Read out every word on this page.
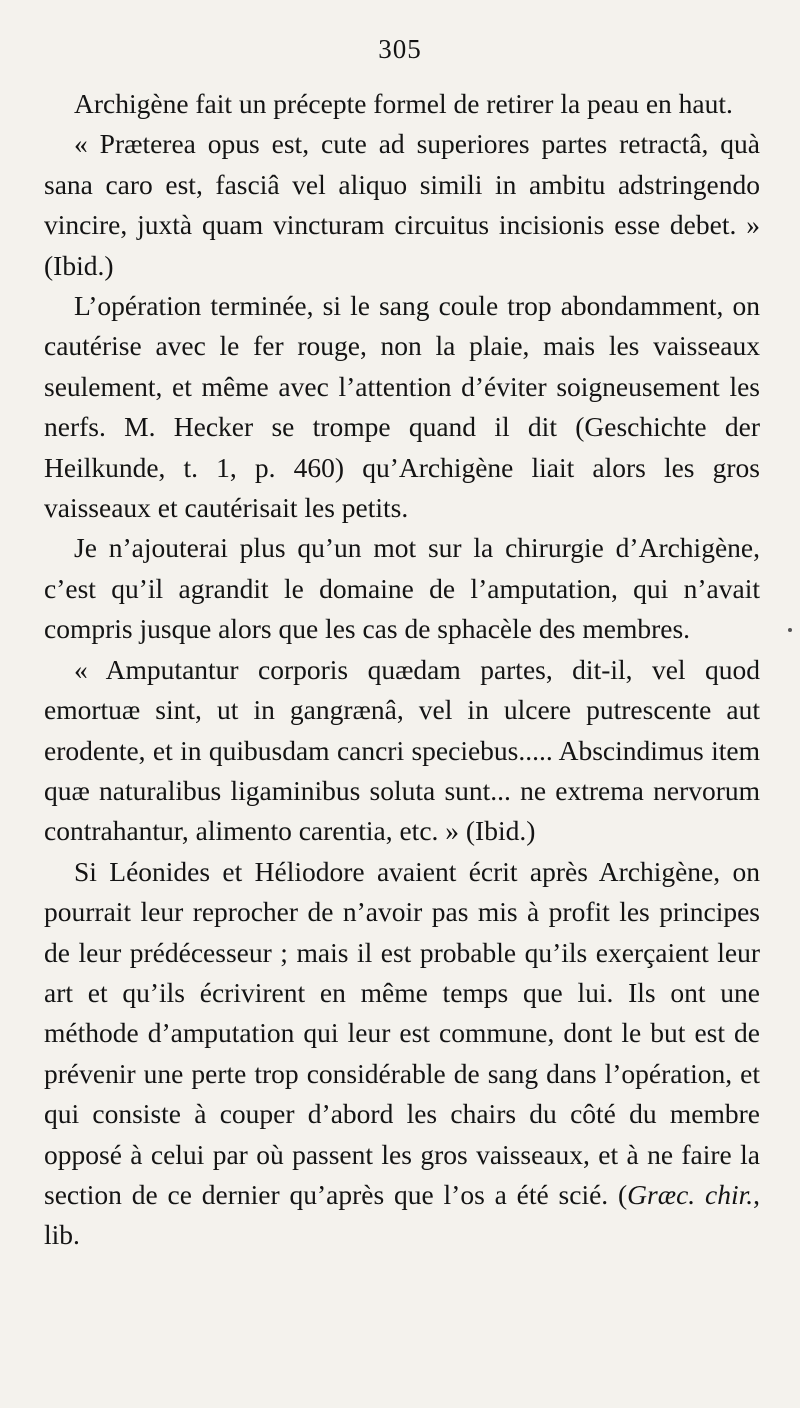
305

Archigène fait un précepte formel de retirer la peau en haut.

« Præterea opus est, cute ad superiores partes retractâ, quà sana caro est, fasciâ vel aliquo simili in ambitu adstringendo vincire, juxtà quam vincturam circuitus incisionis esse debet. » (Ibid.)

L’opération terminée, si le sang coule trop abondamment, on cautérise avec le fer rouge, non la plaie, mais les vaisseaux seulement, et même avec l’attention d’éviter soigneusement les nerfs. M. Hecker se trompe quand il dit (Geschichte der Heilkunde, t. 1, p. 460) qu’Archigène liait alors les gros vaisseaux et cautérisait les petits.

Je n’ajouterai plus qu’un mot sur la chirurgie d’Archigène, c’est qu’il agrandit le domaine de l’amputation, qui n’avait compris jusque alors que les cas de sphacèle des membres.

« Amputantur corporis quædam partes, dit-il, vel quod emortuæ sint, ut in gangrænâ, vel in ulcere putrescente aut erodente, et in quibusdam cancri speciebus..... Abscindimus item quæ naturalibus ligaminibus soluta sunt... ne extrema nervorum contrahantur, alimento carentia, etc. » (Ibid.)

Si Léonides et Héliodore avaient écrit après Archigène, on pourrait leur reprocher de n’avoir pas mis à profit les principes de leur prédécesseur ; mais il est probable qu’ils exerçaient leur art et qu’ils écrivirent en même temps que lui. Ils ont une méthode d’amputation qui leur est commune, dont le but est de prévenir une perte trop considérable de sang dans l’opération, et qui consiste à couper d’abord les chairs du côté du membre opposé à celui par où passent les gros vaisseaux, et à ne faire la section de ce dernier qu’après que l’os a été scié. (Græc. chir., lib.
